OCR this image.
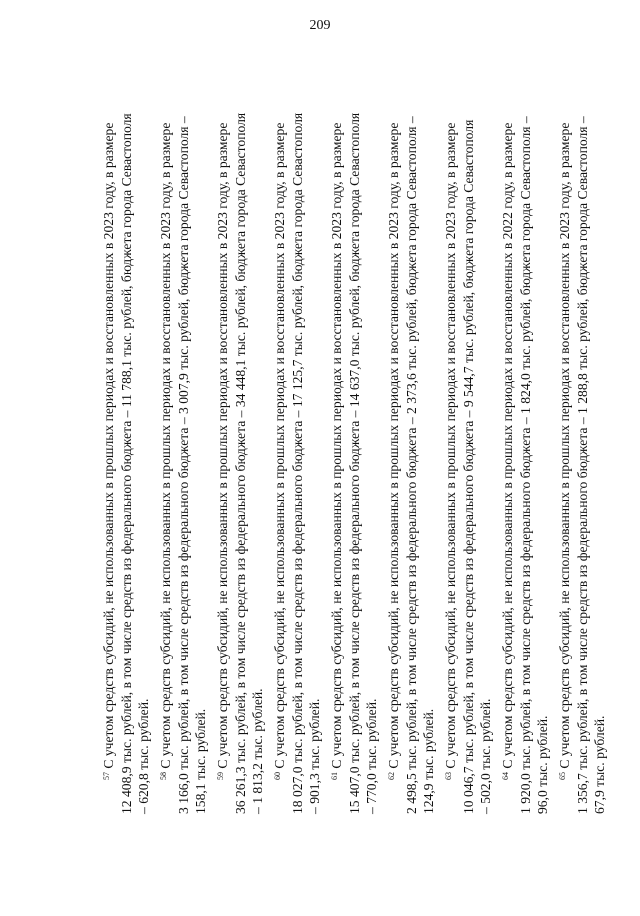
209
$^{57}$ С учетом средств субсидий, не использованных в прошлых периодах и восстановленных в 2023 году, в размере 12 408,9 тыс. рублей, в том числе средств из федерального бюджета – 11 788,1 тыс. рублей, бюджета города Севастополя – 620,8 тыс. рублей. $^{58}$ С учетом средств субсидий, не использованных в прошлых периодах и восстановленных в 2023 году, в размере 3 166,0 тыс. рублей, в том числе средств из федерального бюджета – 3 007,9 тыс. рублей, бюджета города Севастополя – 158,1 тыс. рублей. $^{59}$ С учетом средств субсидий, не использованных в прошлых периодах и восстановленных в 2023 году, в размере 36 261,3 тыс. рублей, в том числе средств из федерального бюджета – 34 448,1 тыс. рублей, бюджета города Севастополя – 1 813,2 тыс. рублей. $^{60}$ С учетом средств субсидий, не использованных в прошлых периодах и восстановленных в 2023 году, в размере 18 027,0 тыс. рублей, в том числе средств из федерального бюджета – 17 125,7 тыс. рублей, бюджета города Севастополя – 901,3 тыс. рублей. $^{61}$ С учетом средств субсидий, не использованных в прошлых периодах и восстановленных в 2023 году, в размере 15 407,0 тыс. рублей, в том числе средств из федерального бюджета – 14 637,0 тыс. рублей, бюджета города Севастополя – 770,0 тыс. рублей. $^{62}$ С учетом средств субсидий, не использованных в прошлых периодах и восстановленных в 2023 году, в размере 2 498,5 тыс. рублей, в том числе средств из федерального бюджета – 2 373,6 тыс. рублей, бюджета города Севастополя – 124,9 тыс. рублей. $^{63}$ С учетом средств субсидий, не использованных в прошлых периодах и восстановленных в 2023 году, в размере 10 046,7 тыс. рублей, в том числе средств из федерального бюджета – 9 544,7 тыс. рублей, бюджета города Севастополя – 502,0 тыс. рублей. $^{64}$ С учетом средств субсидий, не использованных в прошлых периодах и восстановленных в 2022 году, в размере 1 920,0 тыс. рублей, в том числе средств из федерального бюджета – 1 824,0 тыс. рублей, бюджета города Севастополя – 96,0 тыс. рублей. $^{65}$ С учетом средств субсидий, не использованных в прошлых периодах и восстановленных в 2023 году, в размере 1 356,7 тыс. рублей, в том числе средств из федерального бюджета – 1 288,8 тыс. рублей, бюджета города Севастополя – 67,9 тыс. рублей.
